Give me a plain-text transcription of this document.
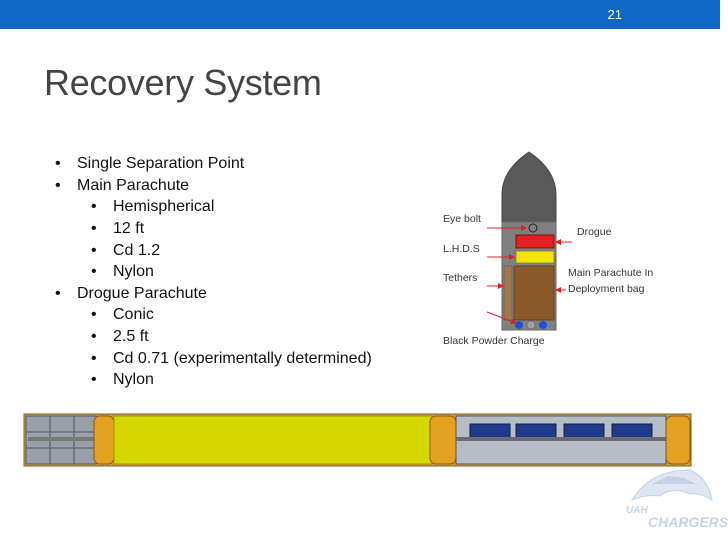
21
Recovery System
• Single Separation Point
• Main Parachute
• Hemispherical
• 12 ft
• Cd 1.2
• Nylon
• Drogue Parachute
• Conic
• 2.5 ft
• Cd 0.71 (experimentally determined)
• Nylon
Eye bolt
L.H.D.S
Tethers
Black Powder Charge
Drogue
Main Parachute In
Deployment bag
UAH
CHARGERS
